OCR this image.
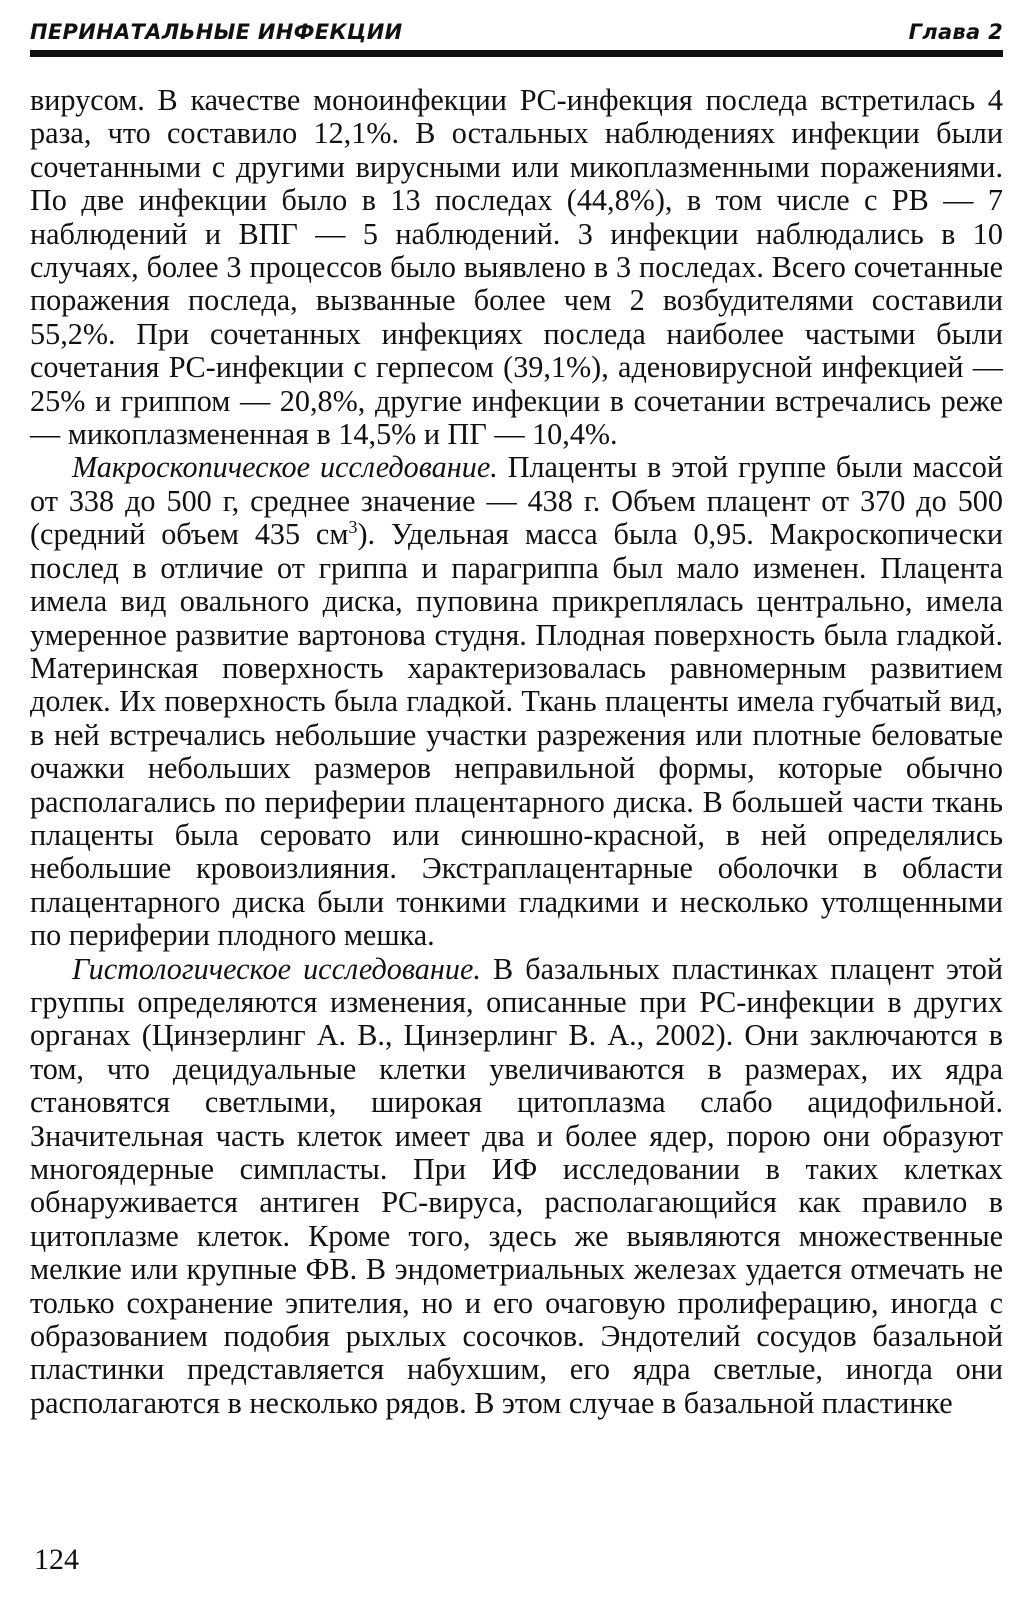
ПЕРИНАТАЛЬНЫЕ ИНФЕКЦИИ	Глава 2

вирусом. В качестве моноинфекции PC-инфекция последа встретилась 4 раза, что составило 12,1%. В остальных наблюдениях инфекции были сочетанными с другими вирусными или микоплазменными поражениями. По две инфекции было в 13 последах (44,8%), в том числе с РВ — 7 наблюдений и ВПГ — 5 наблюдений. 3 инфекции наблюдались в 10 случаях, более 3 процессов было выявлено в 3 последах. Всего сочетанные поражения последа, вызванные более чем 2 возбудителями составили 55,2%. При сочетанных инфекциях последа наиболее частыми были сочетания PC-инфекции с герпесом (39,1%), аденовирусной инфекцией — 25% и гриппом — 20,8%, другие инфекции в сочетании встречались реже — микоплазмененная в 14,5% и ПГ — 10,4%.

Макроскопическое исследование. Плаценты в этой группе были массой от 338 до 500 г, среднее значение — 438 г. Объем плацент от 370 до 500 (средний объем 435 $см^3$). Удельная масса была 0,95. Макроскопически послед в отличие от гриппа и парагриппа был мало изменен. Плацента имела вид овального диска, пуповина прикреплялась центрально, имела умеренное развитие вартонова студня. Плодная поверхность была гладкой. Материнская поверхность характеризовалась равномерным развитием долек. Их поверхность была гладкой. Ткань плаценты имела губчатый вид, в ней встречались небольшие участки разрежения или плотные беловатые очажки небольших размеров неправильной формы, которые обычно располагались по периферии плацентарного диска. В большей части ткань плаценты была серовато или синюшно-красной, в ней определялись небольшие кровоизлияния. Экстраплацентарные оболочки в области плацентарного диска были тонкими гладкими и несколько утолщенными по периферии плодного мешка.

Гистологическое исследование. В базальных пластинках плацент этой группы определяются изменения, описанные при PC-инфекции в других органах (Цинзерлинг А. В., Цинзерлинг В. А., 2002). Они заключаются в том, что децидуальные клетки увеличиваются в размерах, их ядра становятся светлыми, широкая цитоплазма слабо ацидофильной. Значительная часть клеток имеет два и более ядер, порою они образуют многоядерные симпласты. При ИФ исследовании в таких клетках обнаруживается антиген PC-вируса, располагающийся как правило в цитоплазме клеток. Кроме того, здесь же выявляются множественные мелкие или крупные ФВ. В эндометриальных железах удается отмечать не только сохранение эпителия, но и его очаговую пролиферацию, иногда с образованием подобия рыхлых сосочков. Эндотелий сосудов базальной пластинки представляется набухшим, его ядра светлые, иногда они располагаются в несколько рядов. В этом случае в базальной пластинке

124
